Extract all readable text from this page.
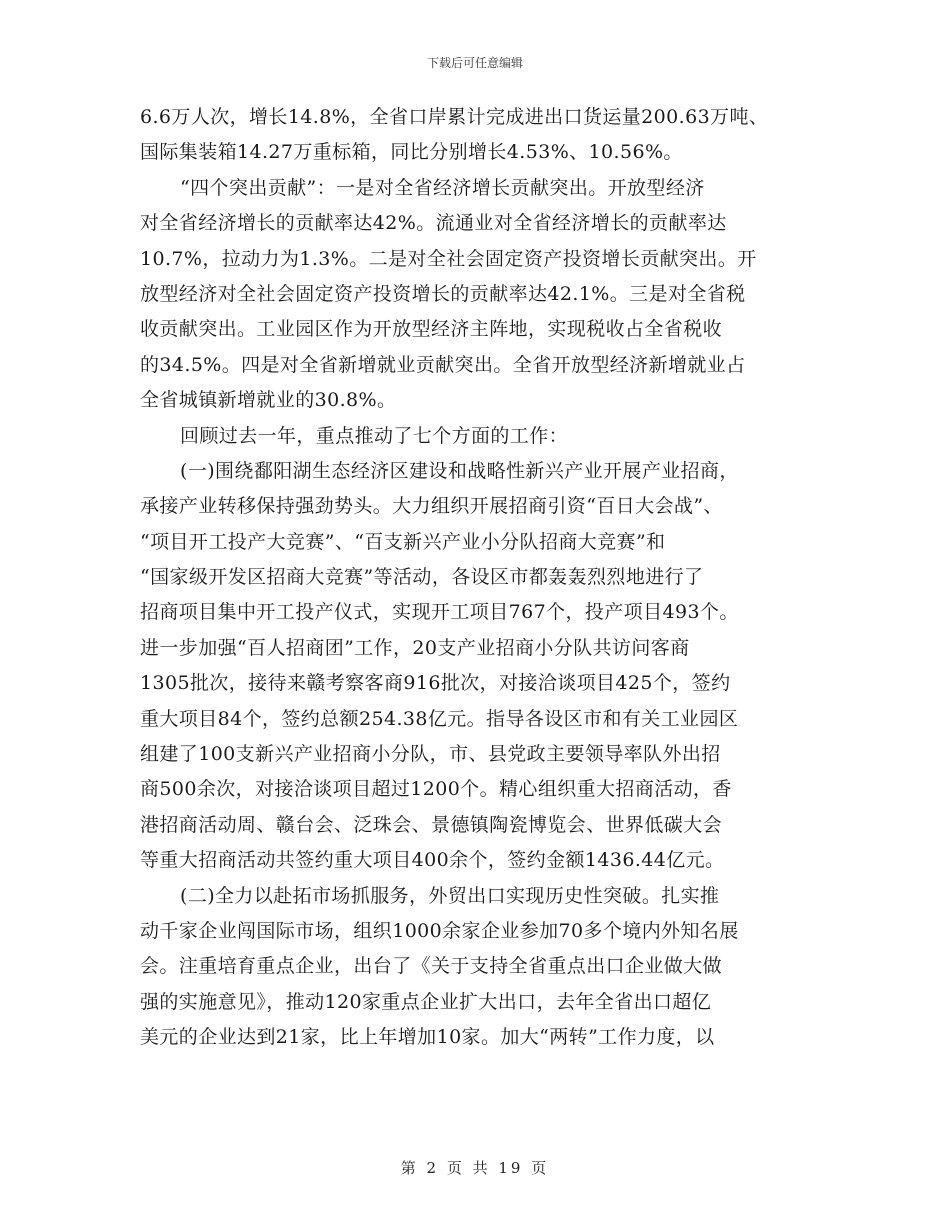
下载后可任意编辑
6.6万人次，增长14.8%，全省口岸累计完成进出口货运量200.63万吨、
国际集装箱14.27万重标箱，同比分别增长4.53%、10.56%。
“四个突出贡献”：一是对全省经济增长贡献突出。开放型经济
对全省经济增长的贡献率达42%。流通业对全省经济增长的贡献率达
10.7%，拉动力为1.3%。二是对全社会固定资产投资增长贡献突出。开
放型经济对全社会固定资产投资增长的贡献率达42.1%。三是对全省税
收贡献突出。工业园区作为开放型经济主阵地，实现税收占全省税收
的34.5%。四是对全省新增就业贡献突出。全省开放型经济新增就业占
全省城镇新增就业的30.8%。
回顾过去一年，重点推动了七个方面的工作：
(一)围绕鄱阳湖生态经济区建设和战略性新兴产业开展产业招商，
承接产业转移保持强劲势头。大力组织开展招商引资“百日大会战”、
“项目开工投产大竞赛”、“百支新兴产业小分队招商大竞赛”和
“国家级开发区招商大竞赛”等活动，各设区市都轰轰烈烈地进行了
招商项目集中开工投产仪式，实现开工项目767个，投产项目493个。
进一步加强“百人招商团”工作，20支产业招商小分队共访问客商
1305批次，接待来赣考察客商916批次，对接洽谈项目425个，签约
重大项目84个，签约总额254.38亿元。指导各设区市和有关工业园区
组建了100支新兴产业招商小分队，市、县党政主要领导率队外出招
商500余次，对接洽谈项目超过1200个。精心组织重大招商活动，香
港招商活动周、赣台会、泛珠会、景德镇陶瓷博览会、世界低碳大会
等重大招商活动共签约重大项目400余个，签约金额1436.44亿元。
(二)全力以赴拓市场抓服务，外贸出口实现历史性突破。扎实推
动千家企业闯国际市场，组织1000余家企业参加70多个境内外知名展
会。注重培育重点企业，出台了《关于支持全省重点出口企业做大做
强的实施意见》，推动120家重点企业扩大出口，去年全省出口超亿
美元的企业达到21家，比上年增加10家。加大“两转”工作力度，以
第 2 页 共 19 页
